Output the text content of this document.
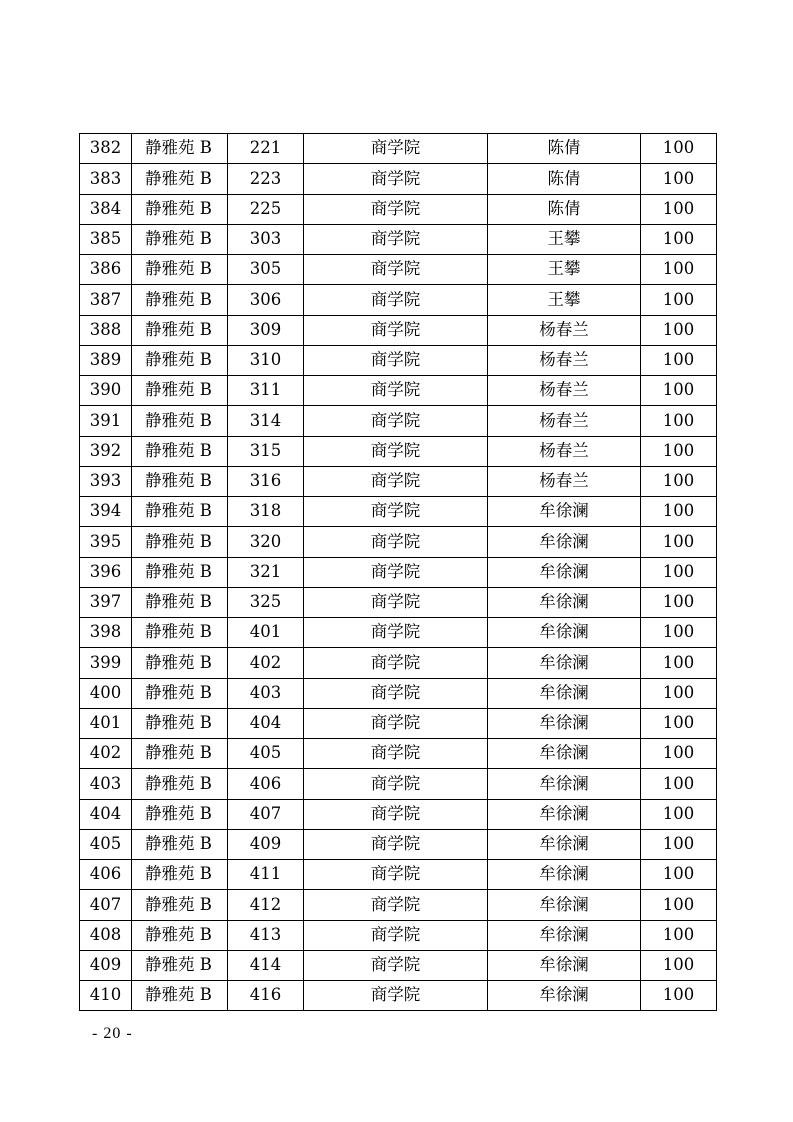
382	静雅苑 B	221	商学院	陈倩	100
383	静雅苑 B	223	商学院	陈倩	100
384	静雅苑 B	225	商学院	陈倩	100
385	静雅苑 B	303	商学院	王攀	100
386	静雅苑 B	305	商学院	王攀	100
387	静雅苑 B	306	商学院	王攀	100
388	静雅苑 B	309	商学院	杨春兰	100
389	静雅苑 B	310	商学院	杨春兰	100
390	静雅苑 B	311	商学院	杨春兰	100
391	静雅苑 B	314	商学院	杨春兰	100
392	静雅苑 B	315	商学院	杨春兰	100
393	静雅苑 B	316	商学院	杨春兰	100
394	静雅苑 B	318	商学院	牟徐澜	100
395	静雅苑 B	320	商学院	牟徐澜	100
396	静雅苑 B	321	商学院	牟徐澜	100
397	静雅苑 B	325	商学院	牟徐澜	100
398	静雅苑 B	401	商学院	牟徐澜	100
399	静雅苑 B	402	商学院	牟徐澜	100
400	静雅苑 B	403	商学院	牟徐澜	100
401	静雅苑 B	404	商学院	牟徐澜	100
402	静雅苑 B	405	商学院	牟徐澜	100
403	静雅苑 B	406	商学院	牟徐澜	100
404	静雅苑 B	407	商学院	牟徐澜	100
405	静雅苑 B	409	商学院	牟徐澜	100
406	静雅苑 B	411	商学院	牟徐澜	100
407	静雅苑 B	412	商学院	牟徐澜	100
408	静雅苑 B	413	商学院	牟徐澜	100
409	静雅苑 B	414	商学院	牟徐澜	100
410	静雅苑 B	416	商学院	牟徐澜	100
- 20 -
